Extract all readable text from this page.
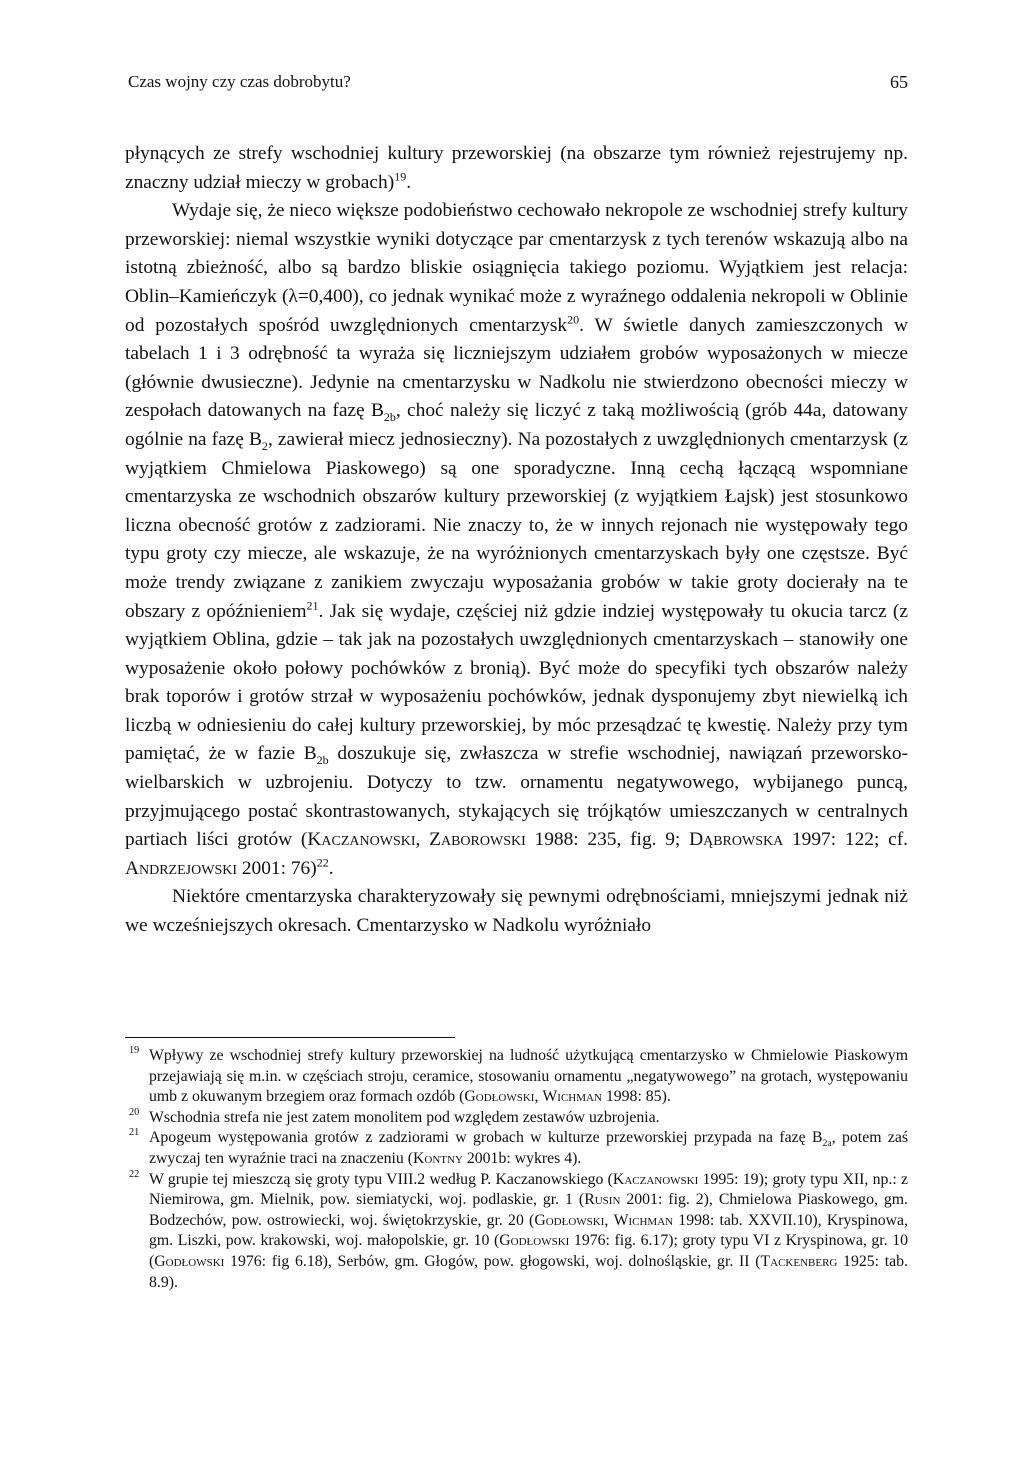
Czas wojny czy czas dobrobytu?	65

płynących ze strefy wschodniej kultury przeworskiej (na obszarze tym również rejestrujemy np. znaczny udział mieczy w grobach)$^{19}$.

Wydaje się, że nieco większe podobieństwo cechowało nekropole ze wschodniej strefy kultury przeworskiej: niemal wszystkie wyniki dotyczące par cmentarzysk z tych terenów wskazują albo na istotną zbieżność, albo są bardzo bliskie osiągnięcia takiego poziomu. Wyjątkiem jest relacja: Oblin–Kamieńczyk (λ=0,400), co jednak wynikać może z wyraźnego oddalenia nekropoli w Oblinie od pozostałych spośród uwzględnionych cmentarzysk$^{20}$. W świetle danych zamieszczonych w tabelach 1 i 3 odrębność ta wyraża się liczniejszym udziałem grobów wyposażonych w miecze (głównie dwusieczne). Jedynie na cmentarzysku w Nadkolu nie stwierdzono obecności mieczy w zespołach datowanych na fazę $B_{2b}$, choć należy się liczyć z taką możliwością (grób 44a, datowany ogólnie na fazę $B_2$, zawierał miecz jednosieczny). Na pozostałych z uwzględnionych cmentarzysk (z wyjątkiem Chmielowa Piaskowego) są one sporadyczne. Inną cechą łączącą wspomniane cmentarzyska ze wschodnich obszarów kultury przeworskiej (z wyjątkiem Łajsk) jest stosunkowo liczna obecność grotów z zadziorami. Nie znaczy to, że w innych rejonach nie występowały tego typu groty czy miecze, ale wskazuje, że na wyróżnionych cmentarzyskach były one częstsze. Być może trendy związane z zanikiem zwyczaju wyposażania grobów w takie groty docierały na te obszary z opóźnieniem$^{21}$. Jak się wydaje, częściej niż gdzie indziej występowały tu okucia tarcz (z wyjątkiem Oblina, gdzie – tak jak na pozostałych uwzględnionych cmentarzyskach – stanowiły one wyposażenie około połowy pochówków z bronią). Być może do specyfiki tych obszarów należy brak toporów i grotów strzał w wyposażeniu pochówków, jednak dysponujemy zbyt niewielką ich liczbą w odniesieniu do całej kultury przeworskiej, by móc przesądzać tę kwestię. Należy przy tym pamiętać, że w fazie $B_{2b}$ doszukuje się, zwłaszcza w strefie wschodniej, nawiązań przeworsko-wielbarskich w uzbrojeniu. Dotyczy to tzw. ornamentu negatywowego, wybijanego puncą, przyjmującego postać skontrastowanych, stykających się trójkątów umieszczanych w centralnych partiach liści grotów (Kaczanowski, Zaborowski 1988: 235, fig. 9; Dąbrowska 1997: 122; cf. Andrzejowski 2001: 76)$^{22}$.

Niektóre cmentarzyska charakteryzowały się pewnymi odrębnościami, mniejszymi jednak niż we wcześniejszych okresach. Cmentarzysko w Nadkolu wyróżniało

19 Wpływy ze wschodniej strefy kultury przeworskiej na ludność użytkującą cmentarzysko w Chmielowie Piaskowym przejawiają się m.in. w częściach stroju, ceramice, stosowaniu ornamentu „negatywowego” na grotach, występowaniu umb z okuwanym brzegiem oraz formach ozdób (Godłowski, Wichman 1998: 85).

20 Wschodnia strefa nie jest zatem monolitem pod względem zestawów uzbrojenia.

21 Apogeum występowania grotów z zadziorami w grobach w kulturze przeworskiej przypada na fazę $B_{2a}$, potem zaś zwyczaj ten wyraźnie traci na znaczeniu (Kontny 2001b: wykres 4).

22 W grupie tej mieszczą się groty typu VIII.2 według P. Kaczanowskiego (Kaczanowski 1995: 19); groty typu XII, np.: z Niemirowa, gm. Mielnik, pow. siemiatycki, woj. podlaskie, gr. 1 (Rusin 2001: fig. 2), Chmielowa Piaskowego, gm. Bodzechów, pow. ostrowiecki, woj. świętokrzyskie, gr. 20 (Godłowski, Wichman 1998: tab. XXVII.10), Kryspinowa, gm. Liszki, pow. krakowski, woj. małopolskie, gr. 10 (Godłowski 1976: fig. 6.17); groty typu VI z Kryspinowa, gr. 10 (Godłowski 1976: fig 6.18), Serbów, gm. Głogów, pow. głogowski, woj. dolnośląskie, gr. II (Tackenberg 1925: tab. 8.9).
